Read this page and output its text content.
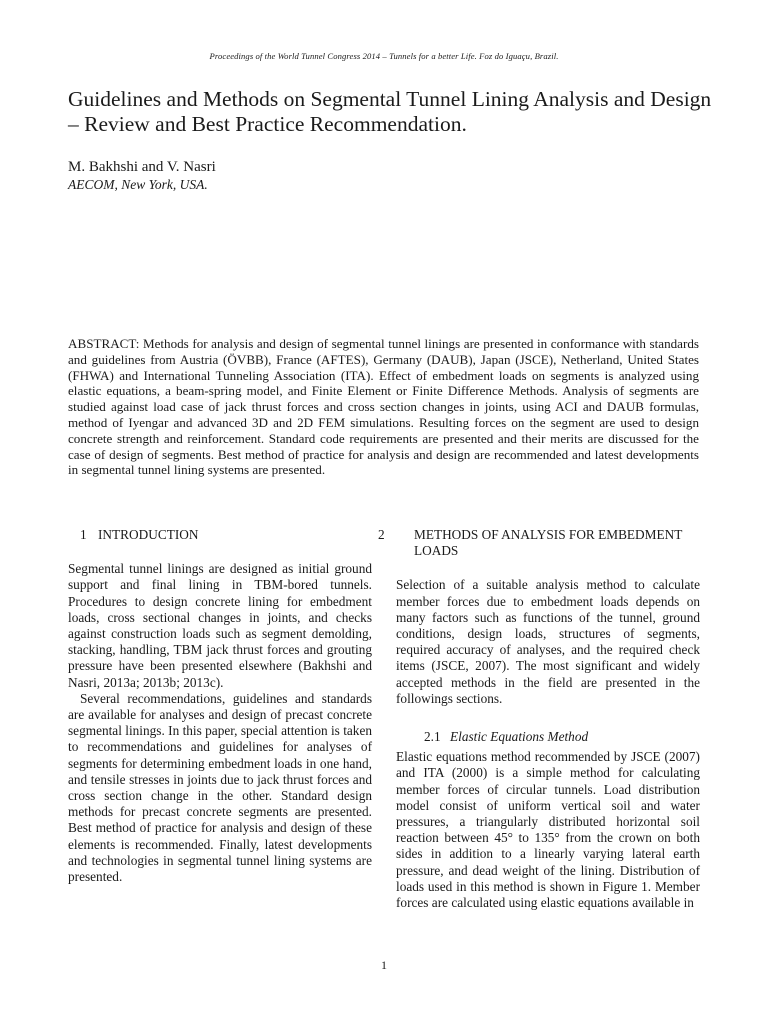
Proceedings of the World Tunnel Congress 2014 – Tunnels for a better Life. Foz do Iguaçu, Brazil.
Guidelines and Methods on Segmental Tunnel Lining Analysis and Design – Review and Best Practice Recommendation.
M. Bakhshi and V. Nasri
AECOM, New York, USA.

ABSTRACT: Methods for analysis and design of segmental tunnel linings are presented in conformance with standards and guidelines from Austria (ÖVBB), France (AFTES), Germany (DAUB), Japan (JSCE), Netherland, United States (FHWA) and International Tunneling Association (ITA). Effect of embedment loads on segments is analyzed using elastic equations, a beam-spring model, and Finite Element or Finite Difference Methods. Analysis of segments are studied against load case of jack thrust forces and cross section changes in joints, using ACI and DAUB formulas, method of Iyengar and advanced 3D and 2D FEM simulations. Resulting forces on the segment are used to design concrete strength and reinforcement. Standard code requirements are presented and their merits are discussed for the case of design of segments. Best method of practice for analysis and design are recommended and latest developments in segmental tunnel lining systems are presented.

1 INTRODUCTION

Segmental tunnel linings are designed as initial ground support and final lining in TBM-bored tunnels. Procedures to design concrete lining for embedment loads, cross sectional changes in joints, and checks against construction loads such as segment demolding, stacking, handling, TBM jack thrust forces and grouting pressure have been presented elsewhere (Bakhshi and Nasri, 2013a; 2013b; 2013c).

Several recommendations, guidelines and standards are available for analyses and design of precast concrete segmental linings. In this paper, special attention is taken to recommendations and guidelines for analyses of segments for determining embedment loads in one hand, and tensile stresses in joints due to jack thrust forces and cross section change in the other. Standard design methods for precast concrete segments are presented. Best method of practice for analysis and design of these elements is recommended. Finally, latest developments and technologies in segmental tunnel lining systems are presented.

2 METHODS OF ANALYSIS FOR EMBEDMENT LOADS

Selection of a suitable analysis method to calculate member forces due to embedment loads depends on many factors such as functions of the tunnel, ground conditions, design loads, structures of segments, required accuracy of analyses, and the required check items (JSCE, 2007). The most significant and widely accepted methods in the field are presented in the followings sections.

2.1 Elastic Equations Method

Elastic equations method recommended by JSCE (2007) and ITA (2000) is a simple method for calculating member forces of circular tunnels. Load distribution model consist of uniform vertical soil and water pressures, a triangularly distributed horizontal soil reaction between 45° to 135° from the crown on both sides in addition to a linearly varying lateral earth pressure, and dead weight of the lining. Distribution of loads used in this method is shown in Figure 1. Member forces are calculated using elastic equations available in

1
